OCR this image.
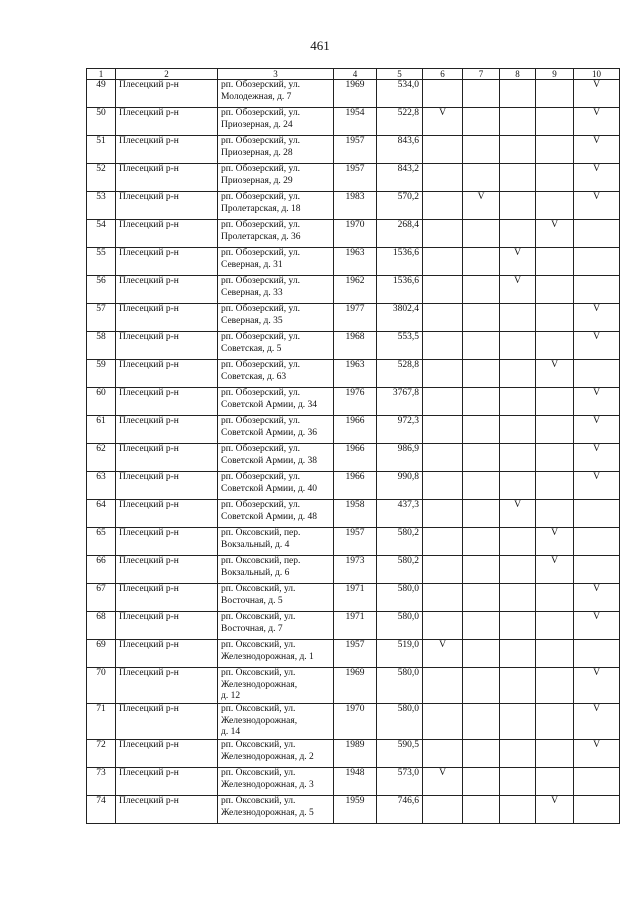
461
1	2	3	4	5	6	7	8	9	10
49	Плесецкий р-н	рп. Обозерский, ул.
Молодежная, д. 7	1969	534,0					V
50	Плесецкий р-н	рп. Обозерский, ул.
Приозерная, д. 24	1954	522,8	V				V
51	Плесецкий р-н	рп. Обозерский, ул.
Приозерная, д. 28	1957	843,6					V
52	Плесецкий р-н	рп. Обозерский, ул.
Приозерная, д. 29	1957	843,2					V
53	Плесецкий р-н	рп. Обозерский, ул.
Пролетарская, д. 18	1983	570,2		V			V
54	Плесецкий р-н	рп. Обозерский, ул.
Пролетарская, д. 36	1970	268,4				V	
55	Плесецкий р-н	рп. Обозерский, ул.
Северная, д. 31	1963	1536,6			V		
56	Плесецкий р-н	рп. Обозерский, ул.
Северная, д. 33	1962	1536,6			V		
57	Плесецкий р-н	рп. Обозерский, ул.
Северная, д. 35	1977	3802,4					V
58	Плесецкий р-н	рп. Обозерский, ул.
Советская, д. 5	1968	553,5					V
59	Плесецкий р-н	рп. Обозерский, ул.
Советская, д. 63	1963	528,8				V	
60	Плесецкий р-н	рп. Обозерский, ул.
Советской Армии, д. 34	1976	3767,8					V
61	Плесецкий р-н	рп. Обозерский, ул.
Советской Армии, д. 36	1966	972,3					V
62	Плесецкий р-н	рп. Обозерский, ул.
Советской Армии, д. 38	1966	986,9					V
63	Плесецкий р-н	рп. Обозерский, ул.
Советской Армии, д. 40	1966	990,8					V
64	Плесецкий р-н	рп. Обозерский, ул.
Советской Армии, д. 48	1958	437,3			V		
65	Плесецкий р-н	рп. Оксовский, пер.
Вокзальный, д. 4	1957	580,2				V	
66	Плесецкий р-н	рп. Оксовский, пер.
Вокзальный, д. 6	1973	580,2				V	
67	Плесецкий р-н	рп. Оксовский, ул.
Восточная, д. 5	1971	580,0					V
68	Плесецкий р-н	рп. Оксовский, ул.
Восточная, д. 7	1971	580,0					V
69	Плесецкий р-н	рп. Оксовский, ул.
Железнодорожная, д. 1	1957	519,0	V				
70	Плесецкий р-н	рп. Оксовский, ул.
Железнодорожная,
д. 12	1969	580,0					V
71	Плесецкий р-н	рп. Оксовский, ул.
Железнодорожная,
д. 14	1970	580,0					V
72	Плесецкий р-н	рп. Оксовский, ул.
Железнодорожная, д. 2	1989	590,5					V
73	Плесецкий р-н	рп. Оксовский, ул.
Железнодорожная, д. 3	1948	573,0	V				
74	Плесецкий р-н	рп. Оксовский, ул.
Железнодорожная, д. 5	1959	746,6				V	
